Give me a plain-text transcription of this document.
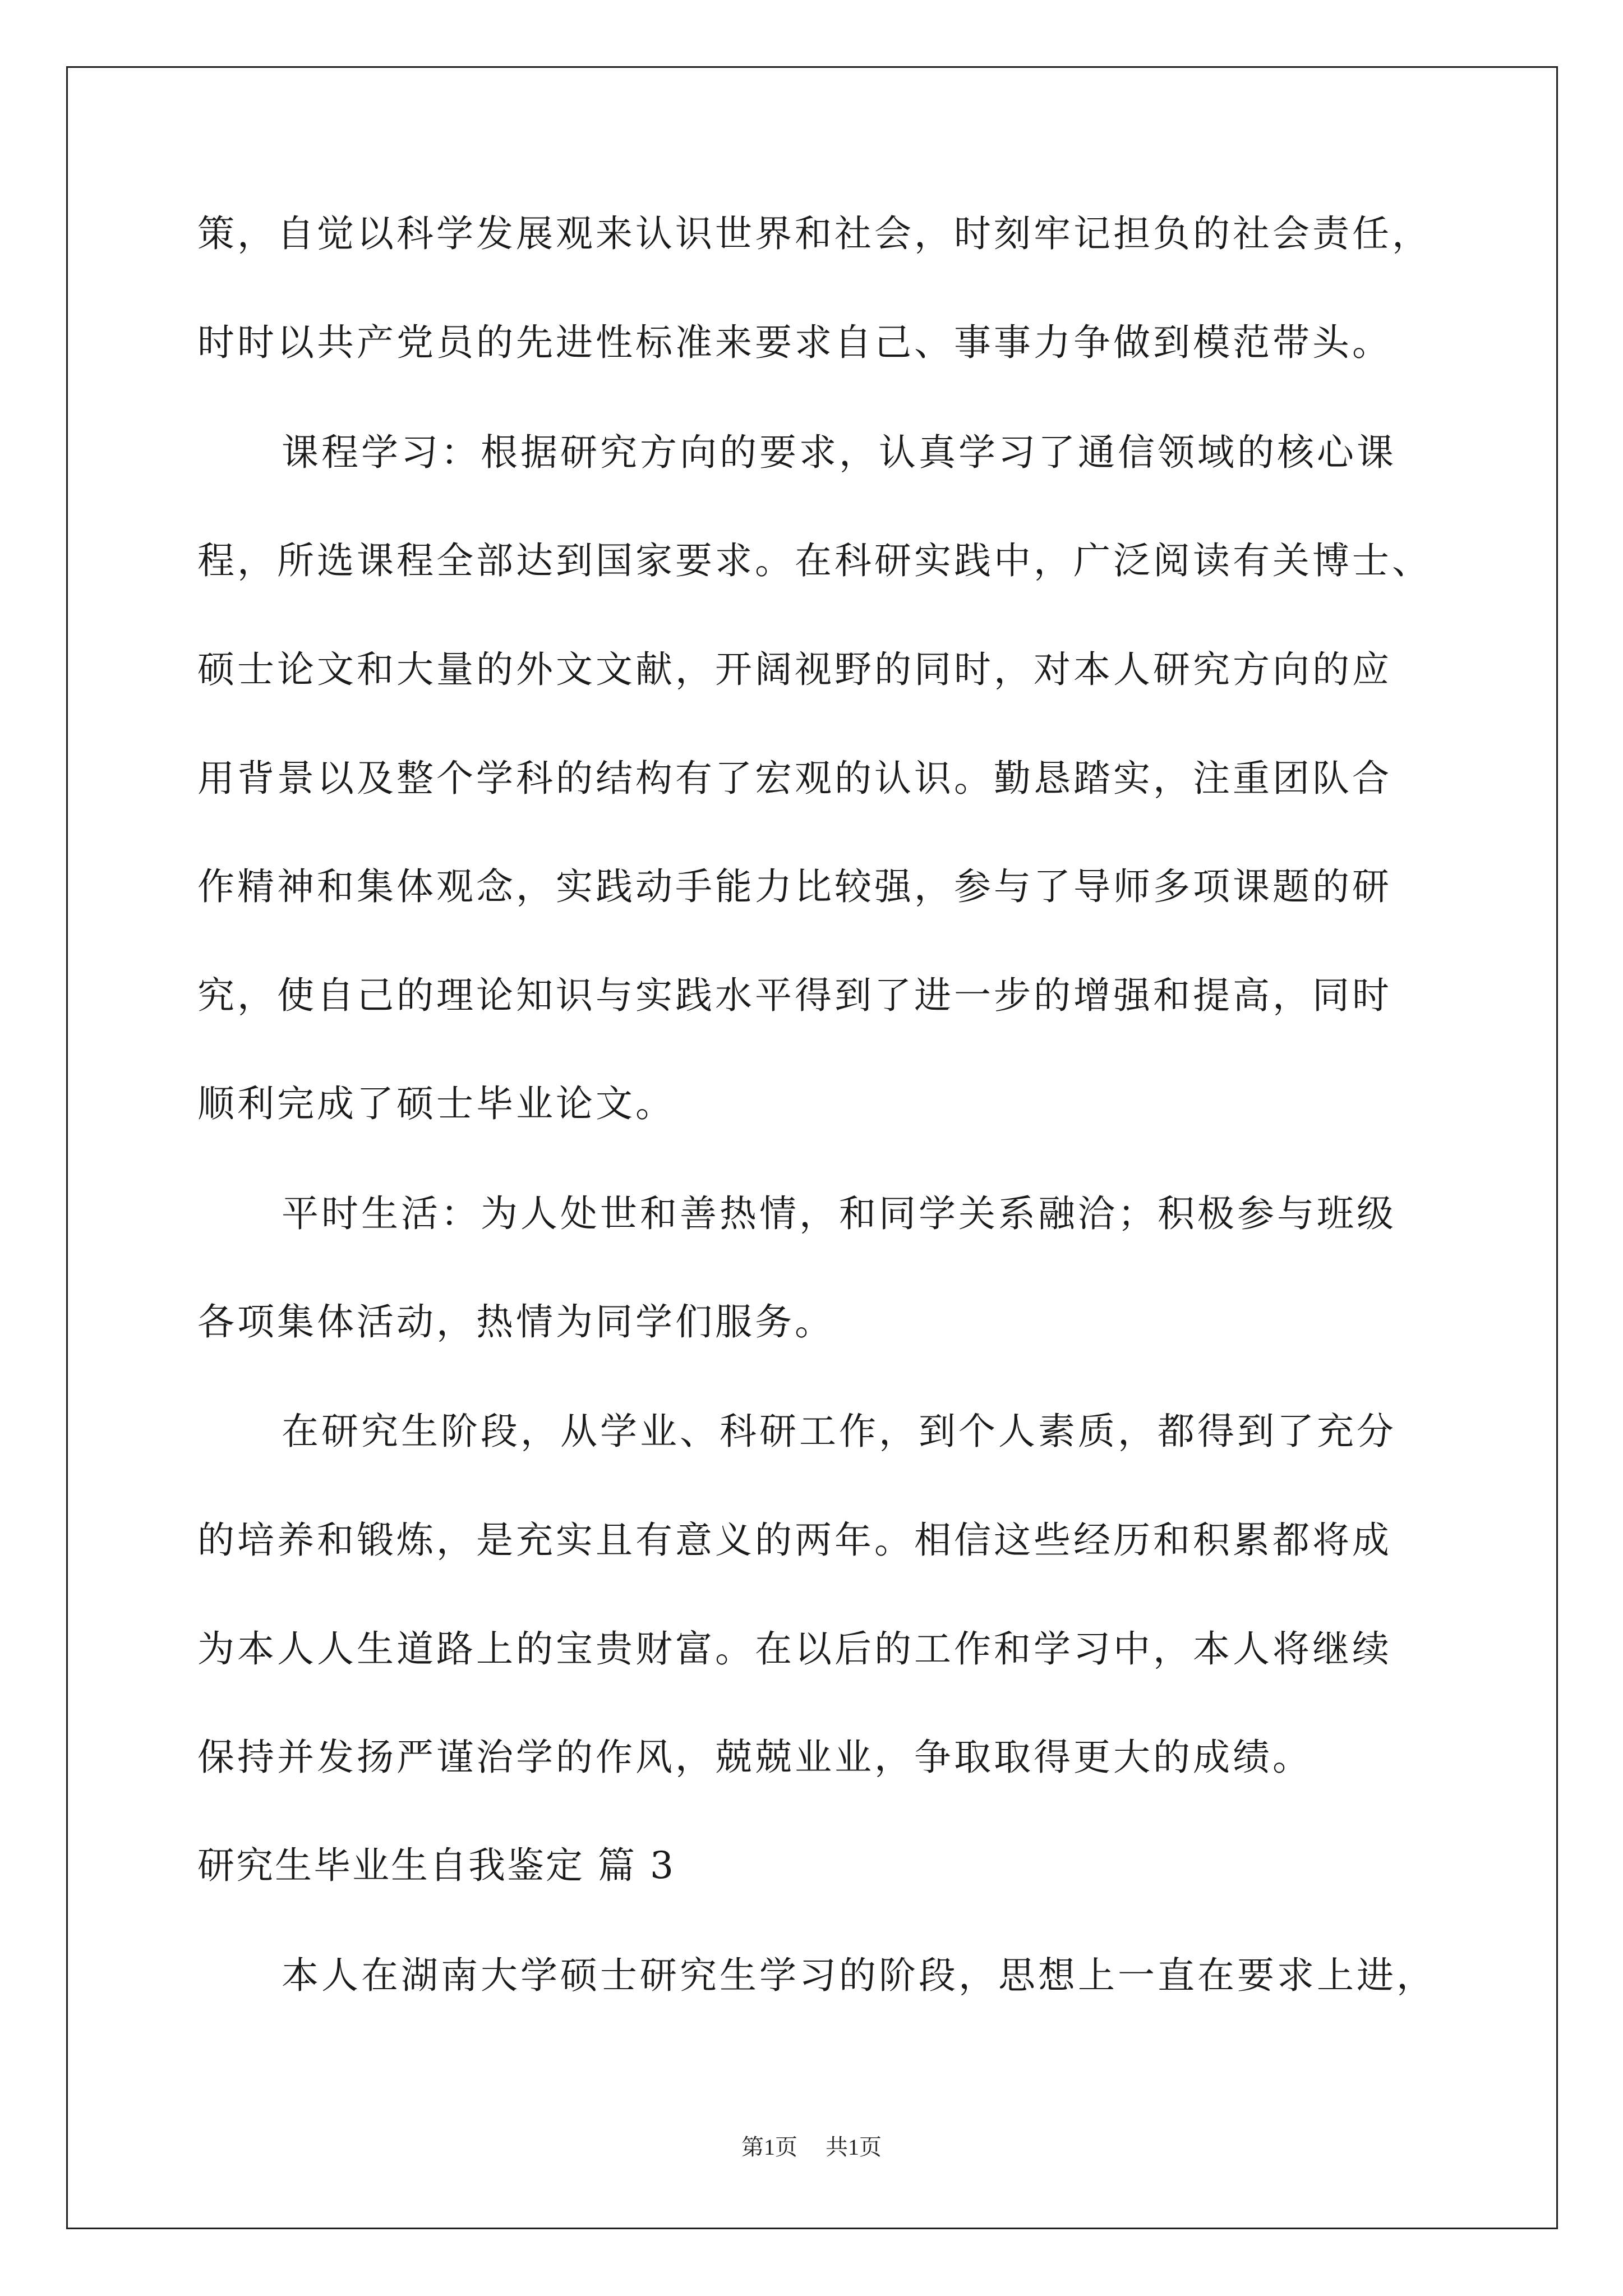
策，自觉以科学发展观来认识世界和社会，时刻牢记担负的社会责任，

时时以共产党员的先进性标准来要求自己、事事力争做到模范带头。

课程学习：根据研究方向的要求，认真学习了通信领域的核心课

程，所选课程全部达到国家要求。在科研实践中，广泛阅读有关博士、

硕士论文和大量的外文文献，开阔视野的同时，对本人研究方向的应

用背景以及整个学科的结构有了宏观的认识。勤恳踏实，注重团队合

作精神和集体观念，实践动手能力比较强，参与了导师多项课题的研

究，使自己的理论知识与实践水平得到了进一步的增强和提高，同时

顺利完成了硕士毕业论文。

平时生活：为人处世和善热情，和同学关系融洽；积极参与班级

各项集体活动，热情为同学们服务。

在研究生阶段，从学业、科研工作，到个人素质，都得到了充分

的培养和锻炼，是充实且有意义的两年。相信这些经历和积累都将成

为本人人生道路上的宝贵财富。在以后的工作和学习中，本人将继续

保持并发扬严谨治学的作风，兢兢业业，争取取得更大的成绩。

研究生毕业生自我鉴定 篇 3

本人在湖南大学硕士研究生学习的阶段，思想上一直在要求上进，

第1页 共1页
